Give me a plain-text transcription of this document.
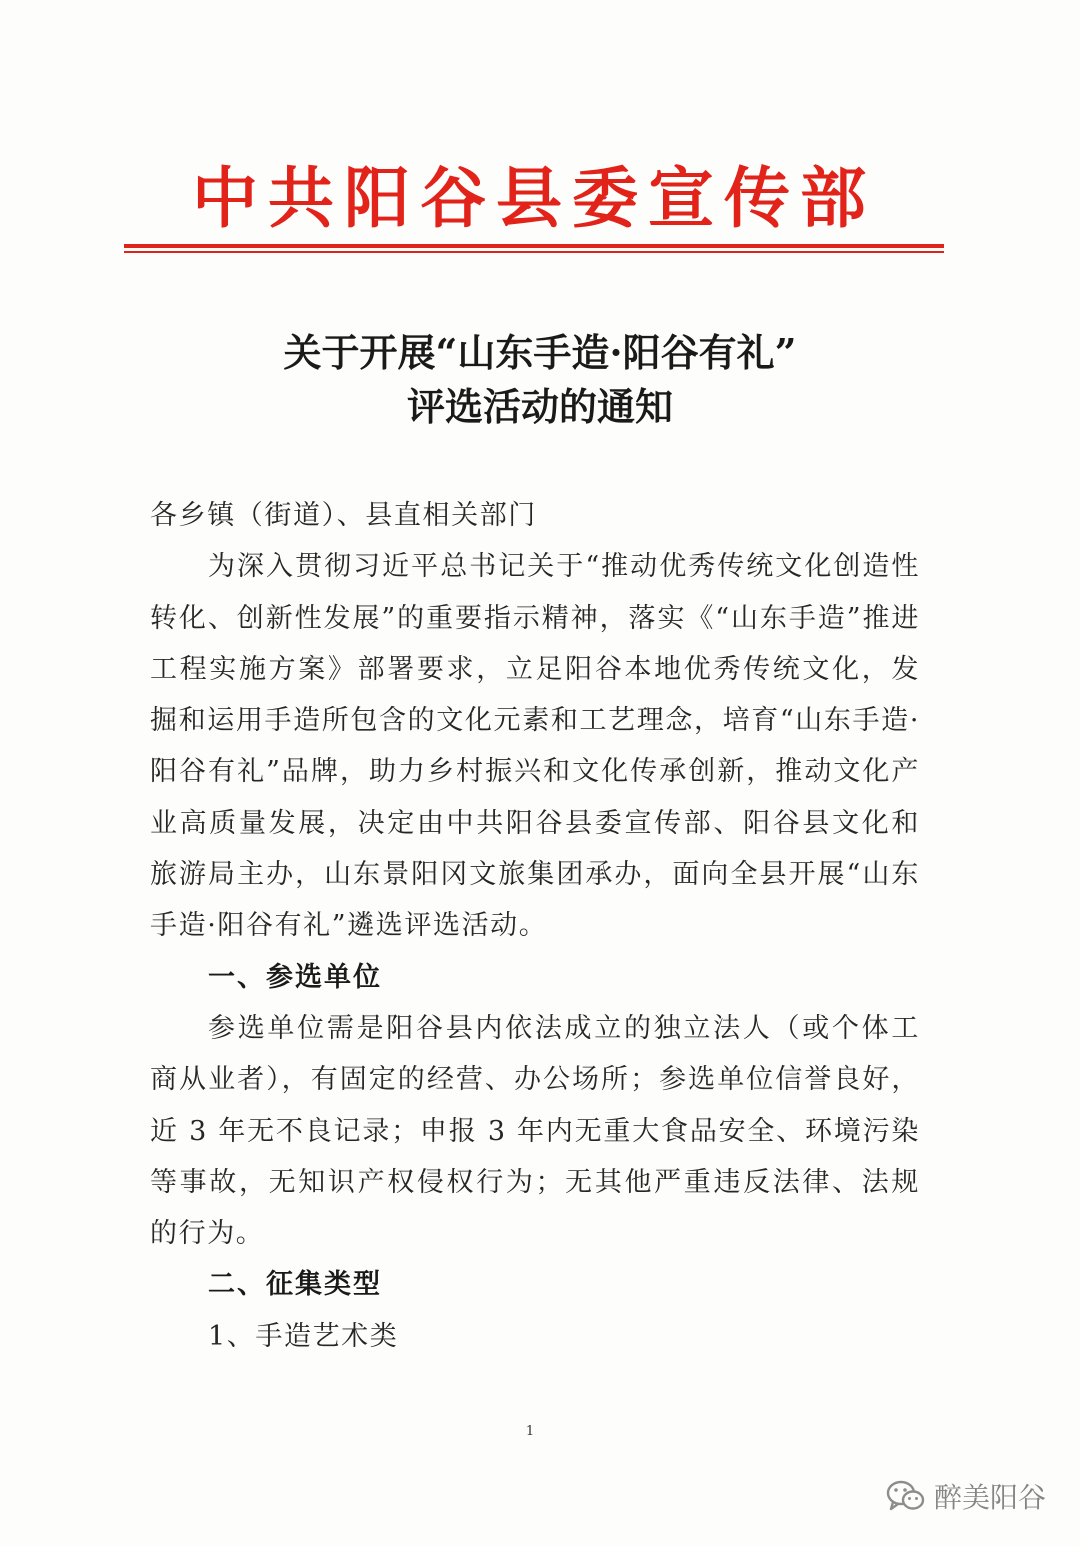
中共阳谷县委宣传部
关于开展“山东手造·阳谷有礼”
评选活动的通知

各乡镇（街道）、县直相关部门

为深入贯彻习近平总书记关于“推动优秀传统文化创造性转化、创新性发展”的重要指示精神，落实《“山东手造”推进工程实施方案》部署要求，立足阳谷本地优秀传统文化，发掘和运用手造所包含的文化元素和工艺理念，培育“山东手造·阳谷有礼”品牌，助力乡村振兴和文化传承创新，推动文化产业高质量发展，决定由中共阳谷县委宣传部、阳谷县文化和旅游局主办，山东景阳冈文旅集团承办，面向全县开展“山东手造·阳谷有礼”遴选评选活动。

一、参选单位

参选单位需是阳谷县内依法成立的独立法人（或个体工商从业者），有固定的经营、办公场所；参选单位信誉良好，近 3 年无不良记录；申报 3 年内无重大食品安全、环境污染等事故，无知识产权侵权行为；无其他严重违反法律、法规的行为。

二、征集类型

1、手造艺术类

1
醉美阳谷
